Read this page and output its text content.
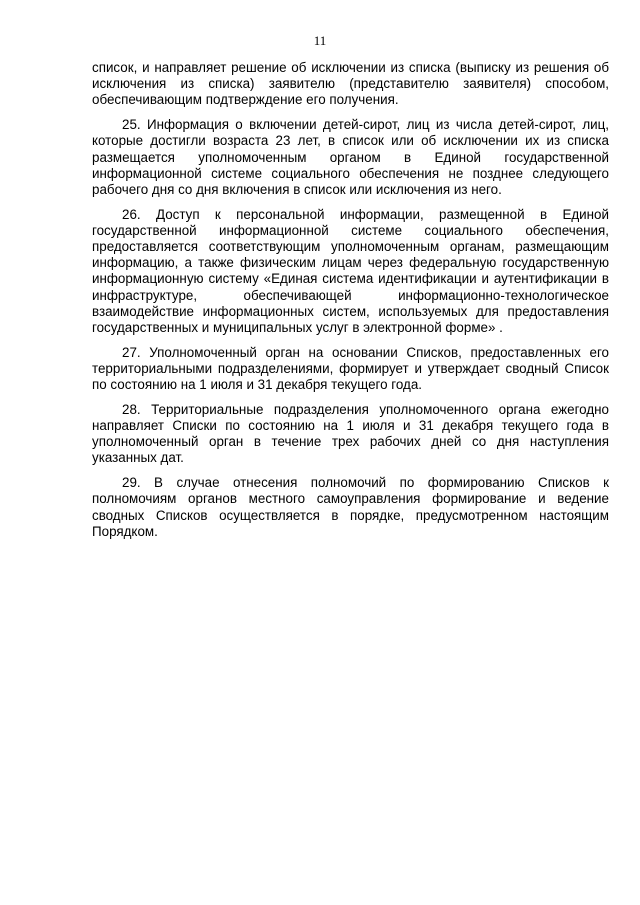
11

список, и направляет решение об исключении из списка (выписку из решения об исключения из списка) заявителю (представителю заявителя) способом, обеспечивающим подтверждение его получения.

25. Информация о включении детей-сирот, лиц из числа детей-сирот, лиц, которые достигли возраста 23 лет, в список или об исключении их из списка размещается уполномоченным органом в Единой государственной информационной системе социального обеспечения не позднее следующего рабочего дня со дня включения в список или исключения из него.

26. Доступ к персональной информации, размещенной в Единой государственной информационной системе социального обеспечения, предоставляется соответствующим уполномоченным органам, размещающим информацию, а также физическим лицам через федеральную государственную информационную систему «Единая система идентификации и аутентификации в инфраструктуре, обеспечивающей информационно-технологическое взаимодействие информационных систем, используемых для предоставления государственных и муниципальных услуг в электронной форме» .

27. Уполномоченный орган на основании Списков, предоставленных его территориальными подразделениями, формирует и утверждает сводный Список по состоянию на 1 июля и 31 декабря текущего года.

28. Территориальные подразделения уполномоченного органа ежегодно направляет Списки по состоянию на 1 июля и 31 декабря текущего года в уполномоченный орган в течение трех рабочих дней со дня наступления указанных дат.

29. В случае отнесения полномочий по формированию Списков к полномочиям органов местного самоуправления формирование и ведение сводных Списков осуществляется в порядке, предусмотренном настоящим Порядком.
